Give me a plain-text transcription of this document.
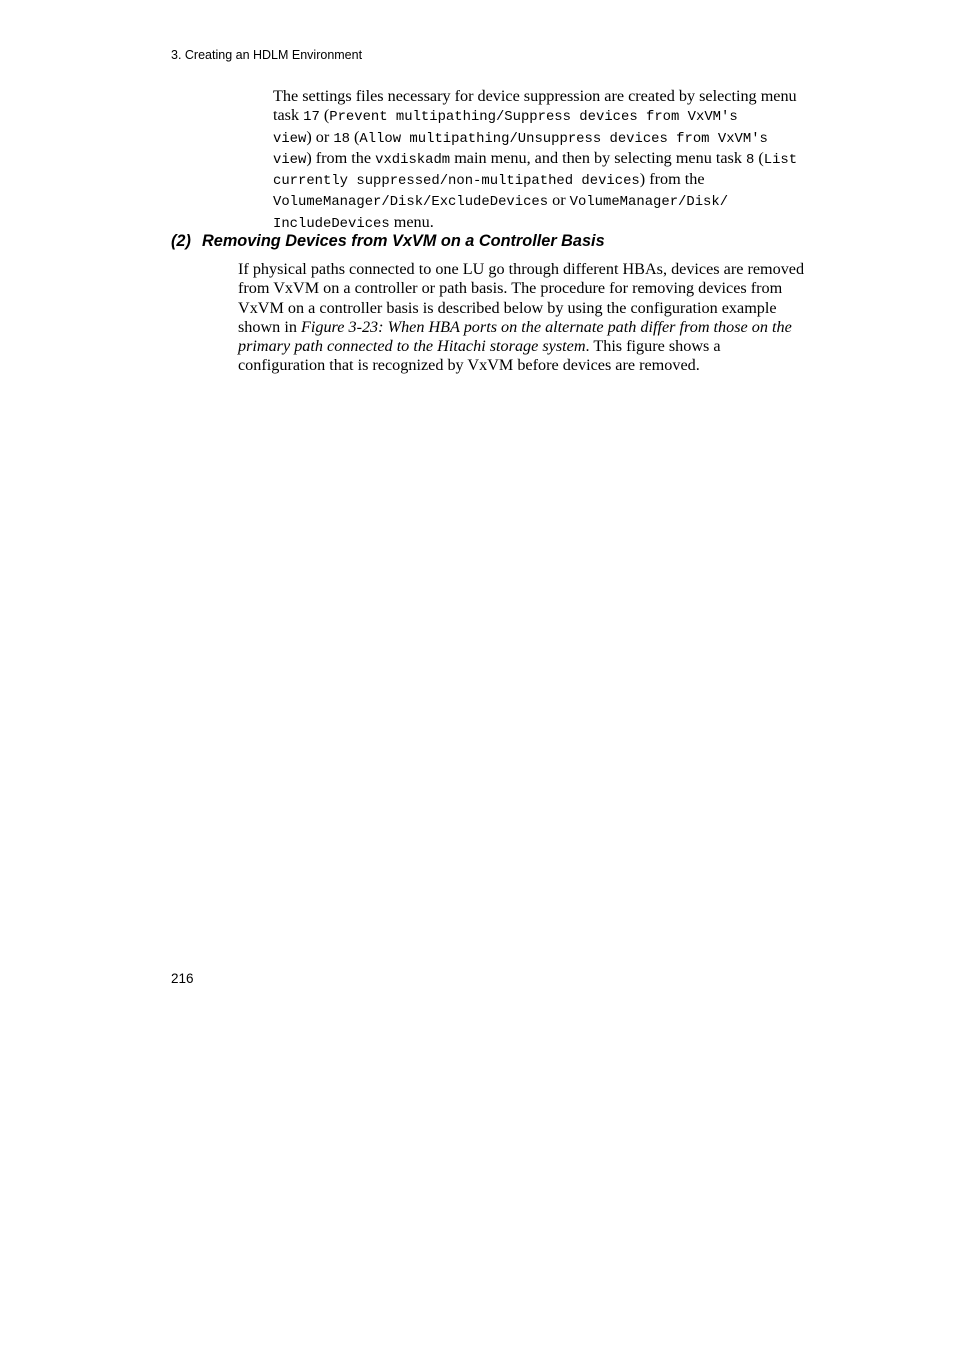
3. Creating an HDLM Environment
The settings files necessary for device suppression are created by selecting menu
task 17 (Prevent multipathing/Suppress devices from VxVM's
view) or 18 (Allow multipathing/Unsuppress devices from VxVM's
view) from the vxdiskadm main menu, and then by selecting menu task 8 (List
currently suppressed/non-multipathed devices) from the
VolumeManager/Disk/ExcludeDevices or VolumeManager/Disk/
IncludeDevices menu.
(2) Removing Devices from VxVM on a Controller Basis
If physical paths connected to one LU go through different HBAs, devices are removed
from VxVM on a controller or path basis. The procedure for removing devices from
VxVM on a controller basis is described below by using the configuration example
shown in Figure 3-23: When HBA ports on the alternate path differ from those on the
primary path connected to the Hitachi storage system. This figure shows a
configuration that is recognized by VxVM before devices are removed.
216
